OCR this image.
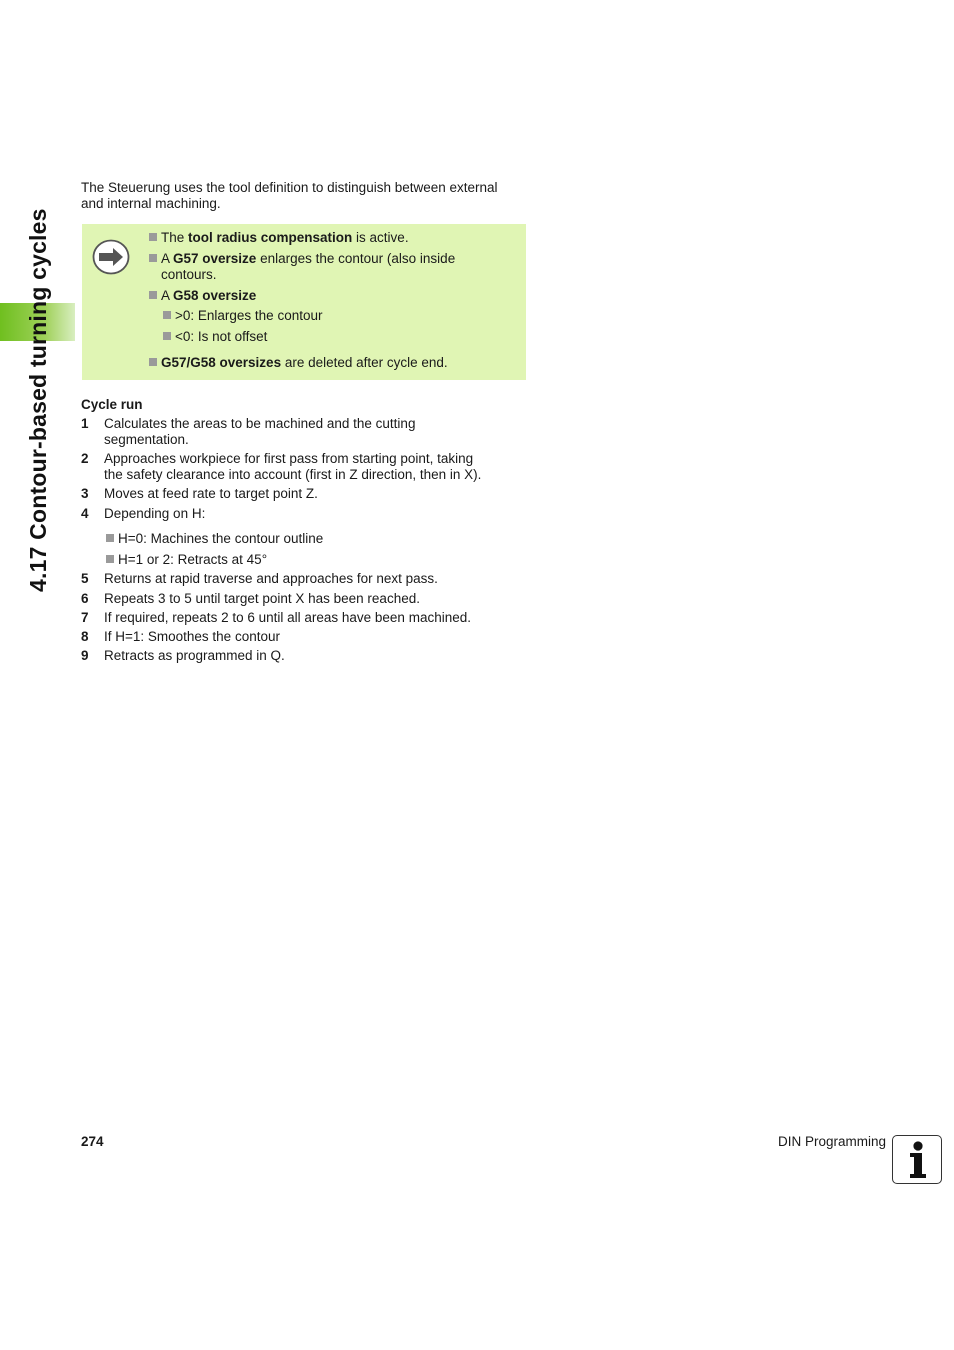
4.17 Contour-based turning cycles
The Steuerung uses the tool definition to distinguish between external
and internal machining.
The tool radius compensation is active.
A G57 oversize enlarges the contour (also inside
contours.
A G58 oversize
>0: Enlarges the contour
<0: Is not offset
G57/G58 oversizes are deleted after cycle end.
Cycle run
1 Calculates the areas to be machined and the cutting
segmentation.
2 Approaches workpiece for first pass from starting point, taking
the safety clearance into account (first in Z direction, then in X).
3 Moves at feed rate to target point Z.
4 Depending on H:
H=0: Machines the contour outline
H=1 or 2: Retracts at 45°
5 Returns at rapid traverse and approaches for next pass.
6 Repeats 3 to 5 until target point X has been reached.
7 If required, repeats 2 to 6 until all areas have been machined.
8 If H=1: Smoothes the contour
9 Retracts as programmed in Q.
274	DIN Programming
